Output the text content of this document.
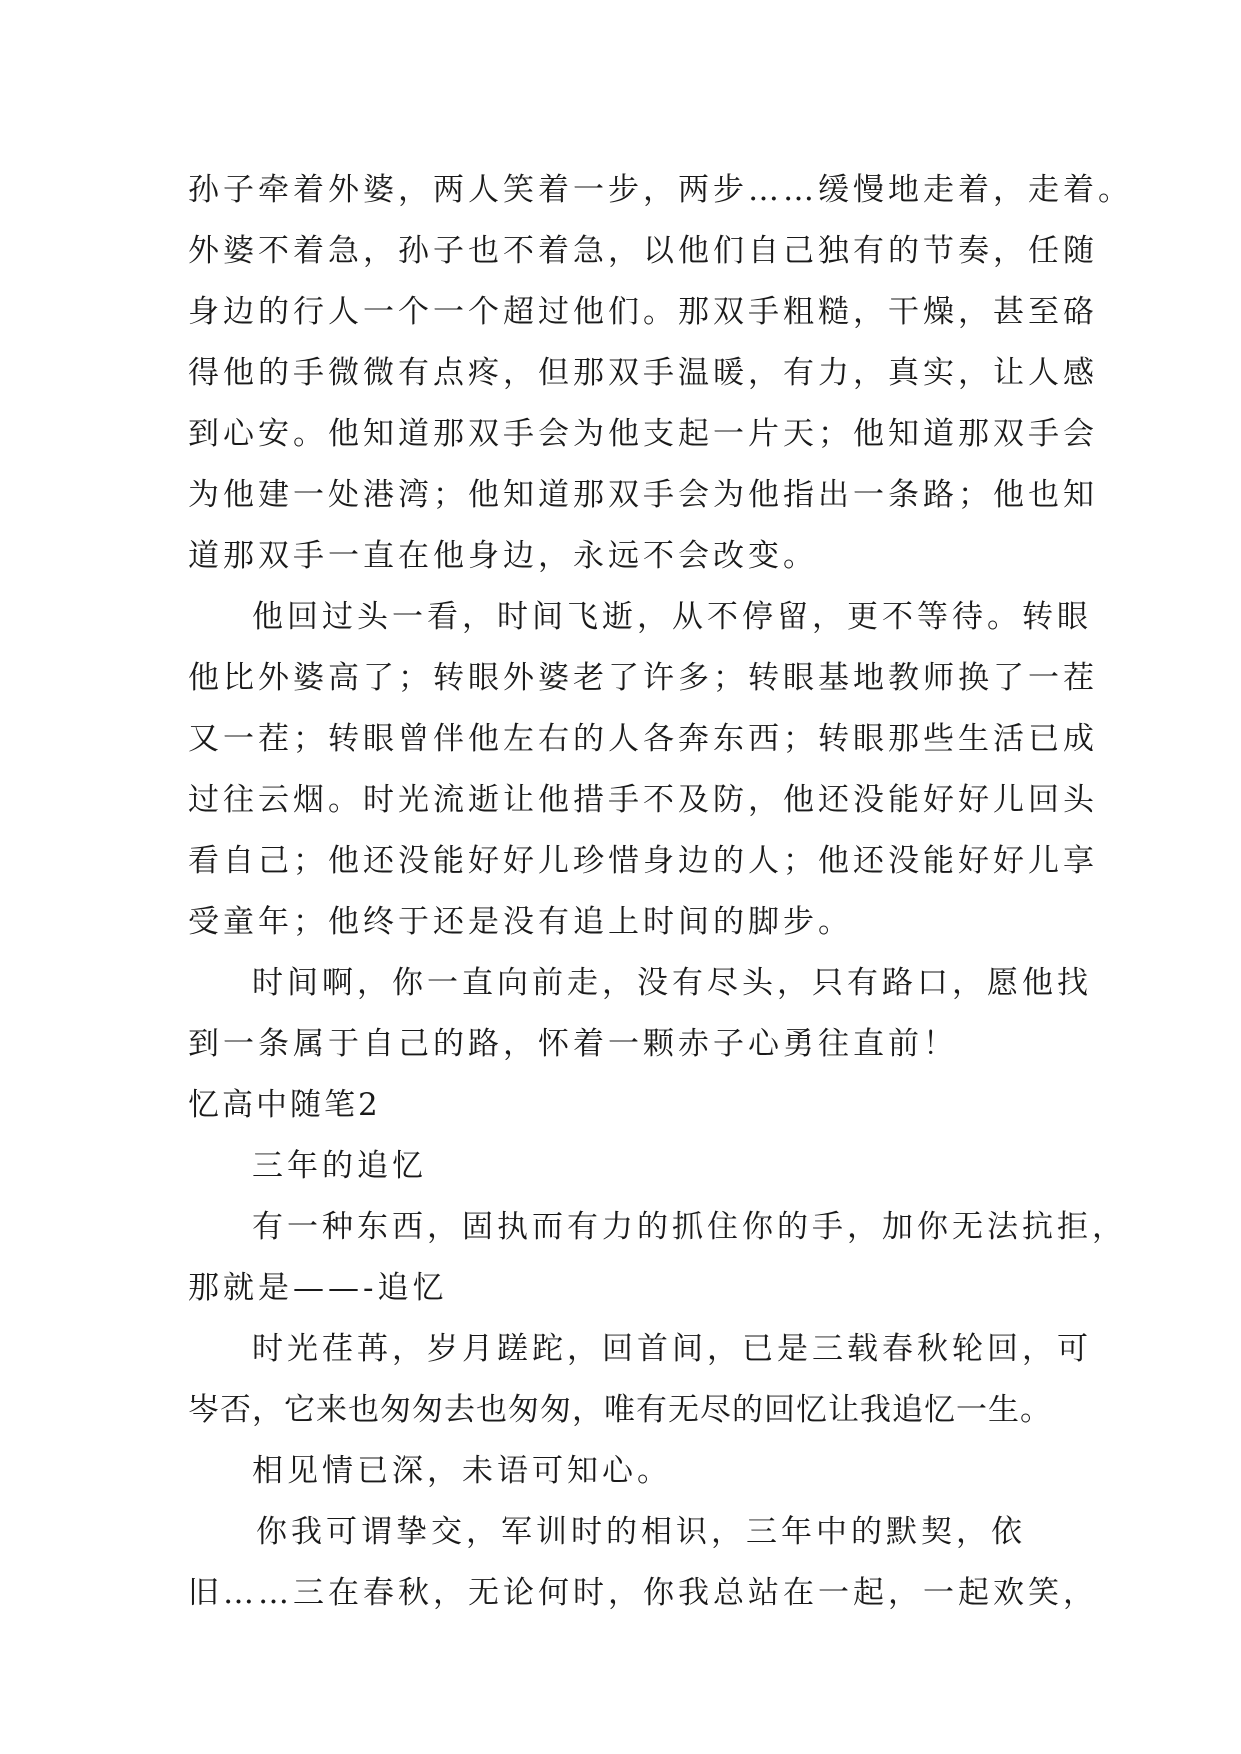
孙子牵着外婆，两人笑着一步，两步……缓慢地走着，走着。
外婆不着急，孙子也不着急，以他们自己独有的节奏，任随
身边的行人一个一个超过他们。那双手粗糙，干燥，甚至硌
得他的手微微有点疼，但那双手温暖，有力，真实，让人感
到心安。他知道那双手会为他支起一片天；他知道那双手会
为他建一处港湾；他知道那双手会为他指出一条路；他也知
道那双手一直在他身边，永远不会改变。
他回过头一看，时间飞逝，从不停留，更不等待。转眼
他比外婆高了；转眼外婆老了许多；转眼基地教师换了一茬
又一茬；转眼曾伴他左右的人各奔东西；转眼那些生活已成
过往云烟。时光流逝让他措手不及防，他还没能好好儿回头
看自己；他还没能好好儿珍惜身边的人；他还没能好好儿享
受童年；他终于还是没有追上时间的脚步。
时间啊，你一直向前走，没有尽头，只有路口，愿他找
到一条属于自己的路，怀着一颗赤子心勇往直前！
忆高中随笔2
三年的追忆
有一种东西，固执而有力的抓住你的手，加你无法抗拒，
那就是——-追忆
时光荏苒，岁月蹉跎，回首间，已是三载春秋轮回，可
岑否，它来也匆匆去也匆匆，唯有无尽的回忆让我追忆一生。
相见情已深，未语可知心。
你我可谓挚交，军训时的相识，三年中的默契，依
旧……三在春秋，无论何时，你我总站在一起，一起欢笑，
